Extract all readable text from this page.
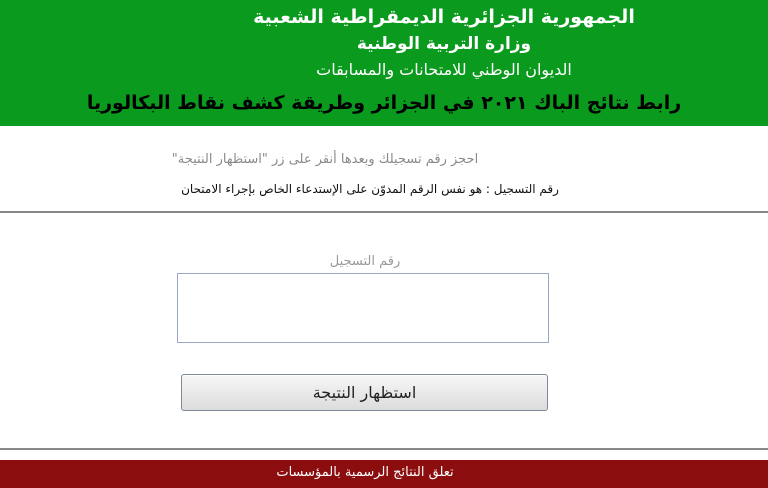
الجمهورية الجزائرية الديمقراطية الشعبية
وزارة التربية الوطنية
الديوان الوطني للامتحانات والمسابقات
رابط نتائج الباك ٢٠٢١ في الجزائر وطريقة كشف نقاط البكالوريا
احجز رقم تسجيلك وبعدها أنقر على زر "استظهار النتيجة"
رقم التسجيل : هو نفس الرقم المدوّن على الإستدعاء الخاص بإجراء الامتحان
رقم التسجيل
استظهار النتيجة
تعلق النتائج الرسمية بالمؤسسات
